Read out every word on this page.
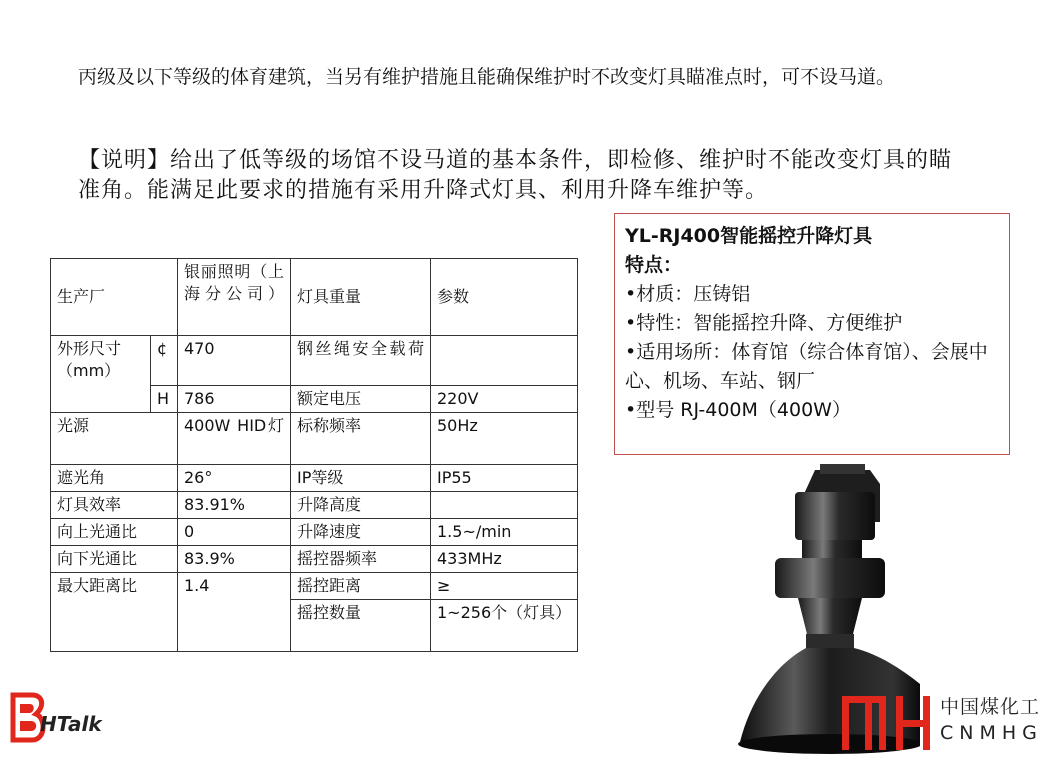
丙级及以下等级的体育建筑，当另有维护措施且能确保维护时不改变灯具瞄准点时，可不设马道。
【说明】给出了低等级的场馆不设马道的基本条件，即检修、维护时不能改变灯具的瞄准角。能满足此要求的措施有采用升降式灯具、利用升降车维护等。
生产厂		银丽照明（上海分公司）	灯具重量	参数
外形尺寸（mm）	¢	470	钢丝绳安全载荷	
	H	786	额定电压	220V
光源		400W HID灯	标称频率	50Hz
遮光角		26°	IP等级	IP55
灯具效率		83.91%	升降高度	
向上光通比		0	升降速度	1.5~/min
向下光通比		83.9%	摇控器频率	433MHz
最大距离比		1.4	摇控距离	≥
			摇控数量	1~256个（灯具）
YL-RJ400智能摇控升降灯具
特点：
•材质：压铸铝
•特性：智能摇控升降、方便维护
•适用场所：体育馆（综合体育馆）、会展中心、机场、车站、钢厂
•型号 RJ-400M（400W）
HTalk
中国煤化工
CNMHG
